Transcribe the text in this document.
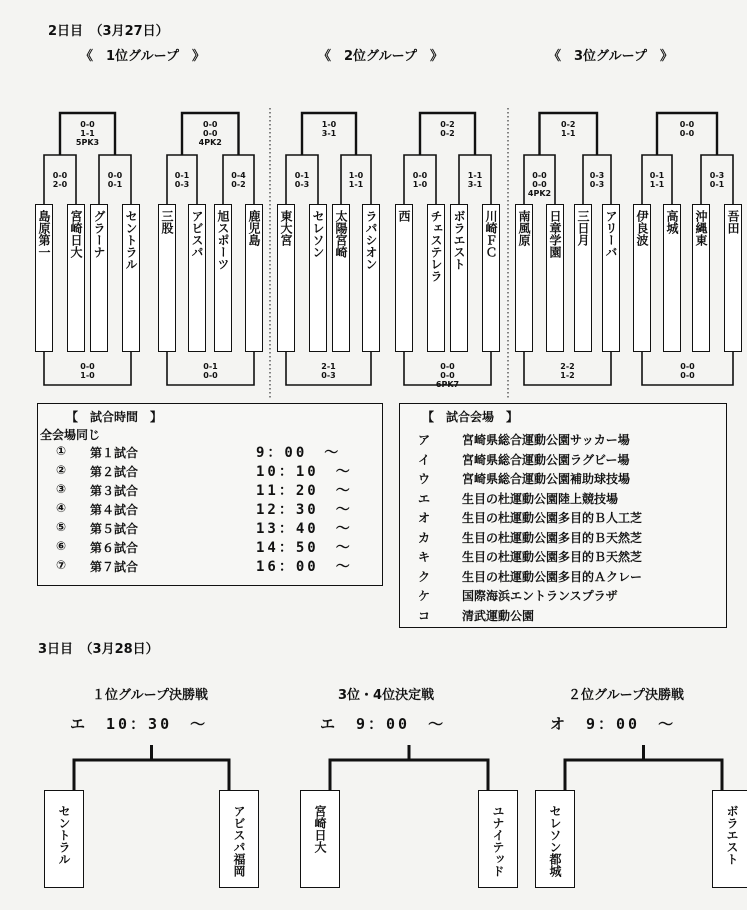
2日目　（3月27日）
《　1位グループ　》	《　2位グループ　》	《　3位グループ　》
島原第一 宮崎日大 グラーナ セントラル 三股 アビスパ 旭スポーツ 鹿児島 東大宮 セレソン 太陽宮崎 ラパシオン 西 チェステレラ ボラエスト 川崎ＦＣ 南風原 日章学園 三日月 アリーバ 伊良波 高城 沖縄東 吾田
0-0
1-1
5PK3
0-0
2-0
0-0
0-1
0-0
1-0
0-0
0-0
4PK2
0-1
0-3
0-4
0-2
0-1
0-0
1-0
3-1
0-1
0-3
1-0
1-1
2-1
0-3
0-2
0-2
0-0
1-0
1-1
3-1
0-0
0-0
6PK7
0-2
1-1
0-0
0-0
4PK2
0-3
0-3
2-2
1-2
0-0
0-0
0-1
1-1
0-3
0-1
0-0
0-0
【　試合時間　】
全会場同じ
① 第１試合	9：00　～
② 第２試合	10：10　～
③ 第３試合	11：20　～
④ 第４試合	12：30　～
⑤ 第５試合	13：40　～
⑥ 第６試合	14：50　～
⑦ 第７試合	16：00　～
【　試合会場　】
ア	宮崎県総合運動公園サッカー場
イ	宮崎県総合運動公園ラグビー場
ウ	宮崎県総合運動公園補助球技場
エ	生目の杜運動公園陸上競技場
オ	生目の杜運動公園多目的Ｂ人工芝
カ	生目の杜運動公園多目的Ｂ天然芝
キ	生目の杜運動公園多目的Ｂ天然芝
ク	生目の杜運動公園多目的Ａクレー
ケ	国際海浜エントランスプラザ
コ	清武運動公園
3日目　（3月28日）
１位グループ決勝戦
エ　10：30　～
セントラル	アビスパ福岡
3位・4位決定戦
エ　9：00　～
宮崎日大	ユナイテッド
２位グループ決勝戦
オ　9：00　～
セレソン都城	ボラエスト
